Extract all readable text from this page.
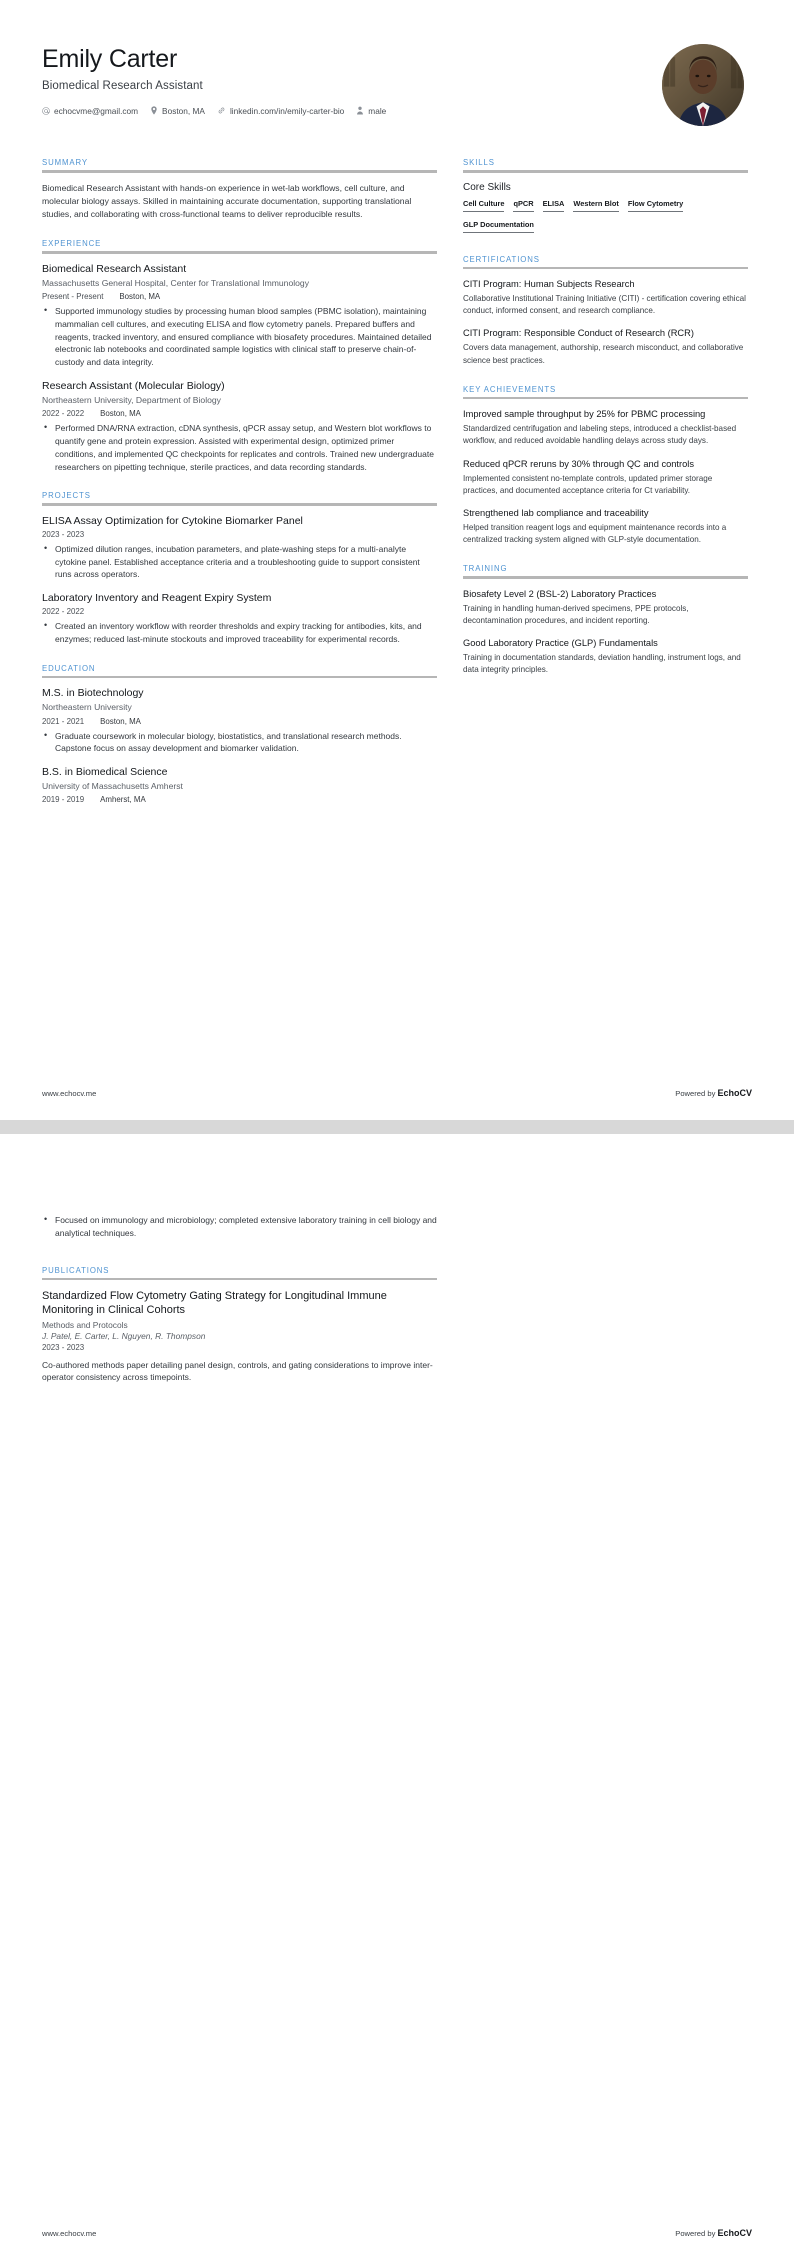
Emily Carter
Biomedical Research Assistant
echocvme@gmail.com	Boston, MA	linkedin.com/in/emily-carter-bio	male
SUMMARY
Biomedical Research Assistant with hands-on experience in wet-lab workflows, cell culture, and molecular biology assays. Skilled in maintaining accurate documentation, supporting translational studies, and collaborating with cross-functional teams to deliver reproducible results.
EXPERIENCE
Biomedical Research Assistant
Massachusetts General Hospital, Center for Translational Immunology
Present - Present Boston, MA
• Supported immunology studies by processing human blood samples (PBMC isolation), maintaining mammalian cell cultures, and executing ELISA and flow cytometry panels. Prepared buffers and reagents, tracked inventory, and ensured compliance with biosafety procedures. Maintained detailed electronic lab notebooks and coordinated sample logistics with clinical staff to preserve chain-of-custody and data integrity.
Research Assistant (Molecular Biology)
Northeastern University, Department of Biology
2022 - 2022 Boston, MA
• Performed DNA/RNA extraction, cDNA synthesis, qPCR assay setup, and Western blot workflows to quantify gene and protein expression. Assisted with experimental design, optimized primer conditions, and implemented QC checkpoints for replicates and controls. Trained new undergraduate researchers on pipetting technique, sterile practices, and data recording standards.
PROJECTS
ELISA Assay Optimization for Cytokine Biomarker Panel
2023 - 2023
• Optimized dilution ranges, incubation parameters, and plate-washing steps for a multi-analyte cytokine panel. Established acceptance criteria and a troubleshooting guide to support consistent runs across operators.
Laboratory Inventory and Reagent Expiry System
2022 - 2022
• Created an inventory workflow with reorder thresholds and expiry tracking for antibodies, kits, and enzymes; reduced last-minute stockouts and improved traceability for experimental records.
EDUCATION
M.S. in Biotechnology
Northeastern University
2021 - 2021 Boston, MA
• Graduate coursework in molecular biology, biostatistics, and translational research methods. Capstone focus on assay development and biomarker validation.
B.S. in Biomedical Science
University of Massachusetts Amherst
2019 - 2019 Amherst, MA
SKILLS
Core Skills
Cell Culture qPCR ELISA Western Blot Flow Cytometry
GLP Documentation
CERTIFICATIONS
CITI Program: Human Subjects Research
Collaborative Institutional Training Initiative (CITI) - certification covering ethical conduct, informed consent, and research compliance.
CITI Program: Responsible Conduct of Research (RCR)
Covers data management, authorship, research misconduct, and collaborative science best practices.
KEY ACHIEVEMENTS
Improved sample throughput by 25% for PBMC processing
Standardized centrifugation and labeling steps, introduced a checklist-based workflow, and reduced avoidable handling delays across study days.
Reduced qPCR reruns by 30% through QC and controls
Implemented consistent no-template controls, updated primer storage practices, and documented acceptance criteria for Ct variability.
Strengthened lab compliance and traceability
Helped transition reagent logs and equipment maintenance records into a centralized tracking system aligned with GLP-style documentation.
TRAINING
Biosafety Level 2 (BSL-2) Laboratory Practices
Training in handling human-derived specimens, PPE protocols, decontamination procedures, and incident reporting.
Good Laboratory Practice (GLP) Fundamentals
Training in documentation standards, deviation handling, instrument logs, and data integrity principles.
www.echocv.me	Powered by EchoCV
• Focused on immunology and microbiology; completed extensive laboratory training in cell biology and analytical techniques.
PUBLICATIONS
Standardized Flow Cytometry Gating Strategy for Longitudinal Immune Monitoring in Clinical Cohorts
Methods and Protocols
J. Patel, E. Carter, L. Nguyen, R. Thompson
2023 - 2023
Co-authored methods paper detailing panel design, controls, and gating considerations to improve inter-operator consistency across timepoints.
www.echocv.me	Powered by EchoCV
